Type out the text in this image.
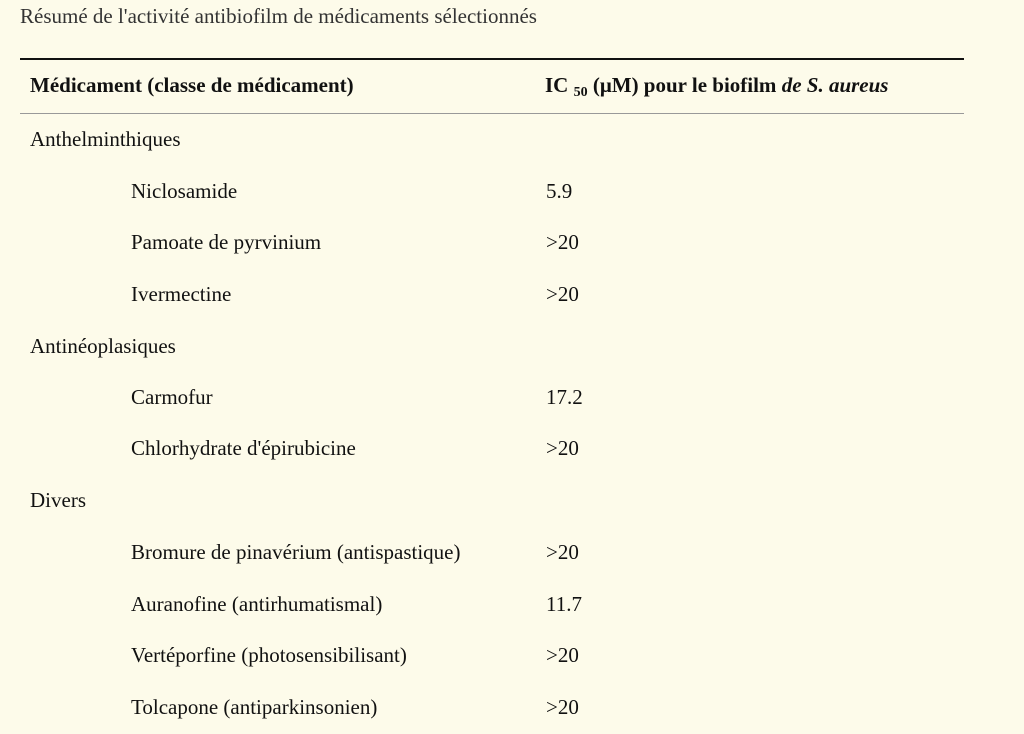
Résumé de l'activité antibiofilm de médicaments sélectionnés
Médicament (classe de médicament)	IC $_{50}$ (μM) pour le biofilm de S. aureus
Anthelminthiques
Niclosamide	5.9
Pamoate de pyrvinium	>20
Ivermectine	>20
Antinéoplasiques
Carmofur	17.2
Chlorhydrate d'épirubicine	>20
Divers
Bromure de pinavérium (antispastique)	>20
Auranofine (antirhumatismal)	11.7
Vertéporfine (photosensibilisant)	>20
Tolcapone (antiparkinsonien)	>20
